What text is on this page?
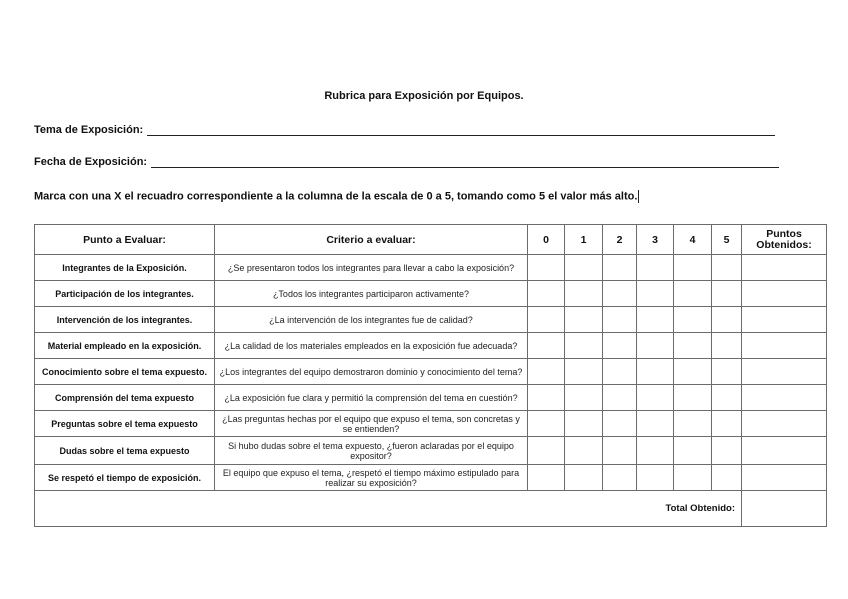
Rubrica para Exposición por Equipos.
Tema de Exposición:
Fecha de Exposición:
Marca con una X el recuadro correspondiente a la columna de la escala de 0 a 5, tomando como 5 el valor más alto.
Punto a Evaluar:	Criterio a evaluar:	0	1	2	3	4	5	Puntos Obtenidos:
Integrantes de la Exposición.	¿Se presentaron todos los integrantes para llevar a cabo la exposición?							
Participación de los integrantes.	¿Todos los integrantes participaron activamente?							
Intervención de los integrantes.	¿La intervención de los integrantes fue de calidad?							
Material empleado en la exposición.	¿La calidad de los materiales empleados en la exposición fue adecuada?							
Conocimiento sobre el tema expuesto.	¿Los integrantes del equipo demostraron dominio y conocimiento del tema?							
Comprensión del tema expuesto	¿La exposición fue clara y permitió la comprensión del tema en cuestión?							
Preguntas sobre el tema expuesto	¿Las preguntas hechas por el equipo que expuso el tema, son concretas y se entienden?							
Dudas sobre el tema expuesto	Si hubo dudas sobre el tema expuesto, ¿fueron aclaradas por el equipo expositor?							
Se respetó el tiempo de exposición.	El equipo que expuso el tema, ¿respetó el tiempo máximo estipulado para realizar su exposición?							
Total Obtenido:								
